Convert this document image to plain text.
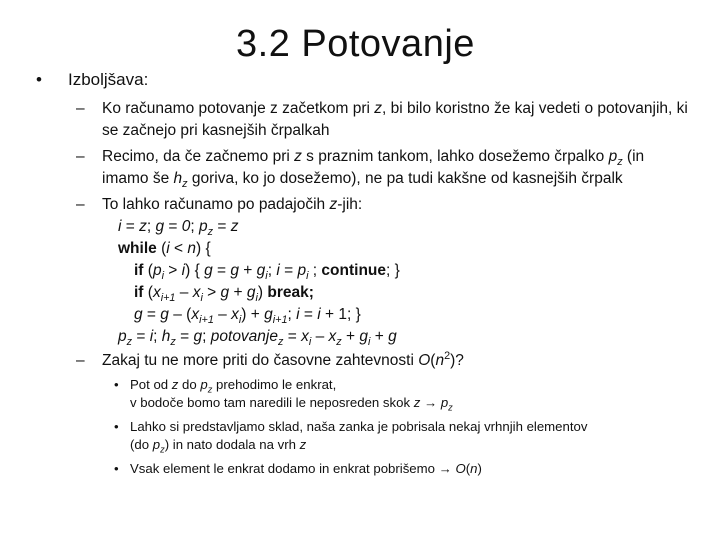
3.2 Potovanje
• Izboljšava:
– Ko računamo potovanje z začetkom pri z, bi bilo koristno že kaj vedeti o potovanjih, ki se začnejo pri kasnejših črpalkah
– Recimo, da če začnemo pri z s praznim tankom, lahko dosežemo črpalko $p_z$ (in imamo še $h_z$ goriva, ko jo dosežemo), ne pa tudi kakšne od kasnejših črpalk
– To lahko računamo po padajočih z-jih:
i = z; g = 0; $p_z = z$
while (i < n) {
if $(p_i > i)$ { $g = g + g_i$; $i = p_i$ ; continue; }
if $(x_{i+1} - x_i > g + g_i)$ break;
$g = g - (x_{i+1} - x_i) + g_{i+1}$; i = i + 1; }
$p_z = i$; $h_z = g$; potovanje$_z$ = $x_i - x_z + g_i + g$
– Zakaj tu ne more priti do časovne zahtevnosti $O(n^2)$?
• Pot od z do $p_z$ prehodimo le enkrat,
v bodoče bomo tam naredili le neposreden skok $z \to p_z$
• Lahko si predstavljamo sklad, naša zanka je pobrisala nekaj vrhnjih elementov
(do $p_z$) in nato dodala na vrh z
• Vsak element le enkrat dodamo in enkrat pobrišemo → O(n)
